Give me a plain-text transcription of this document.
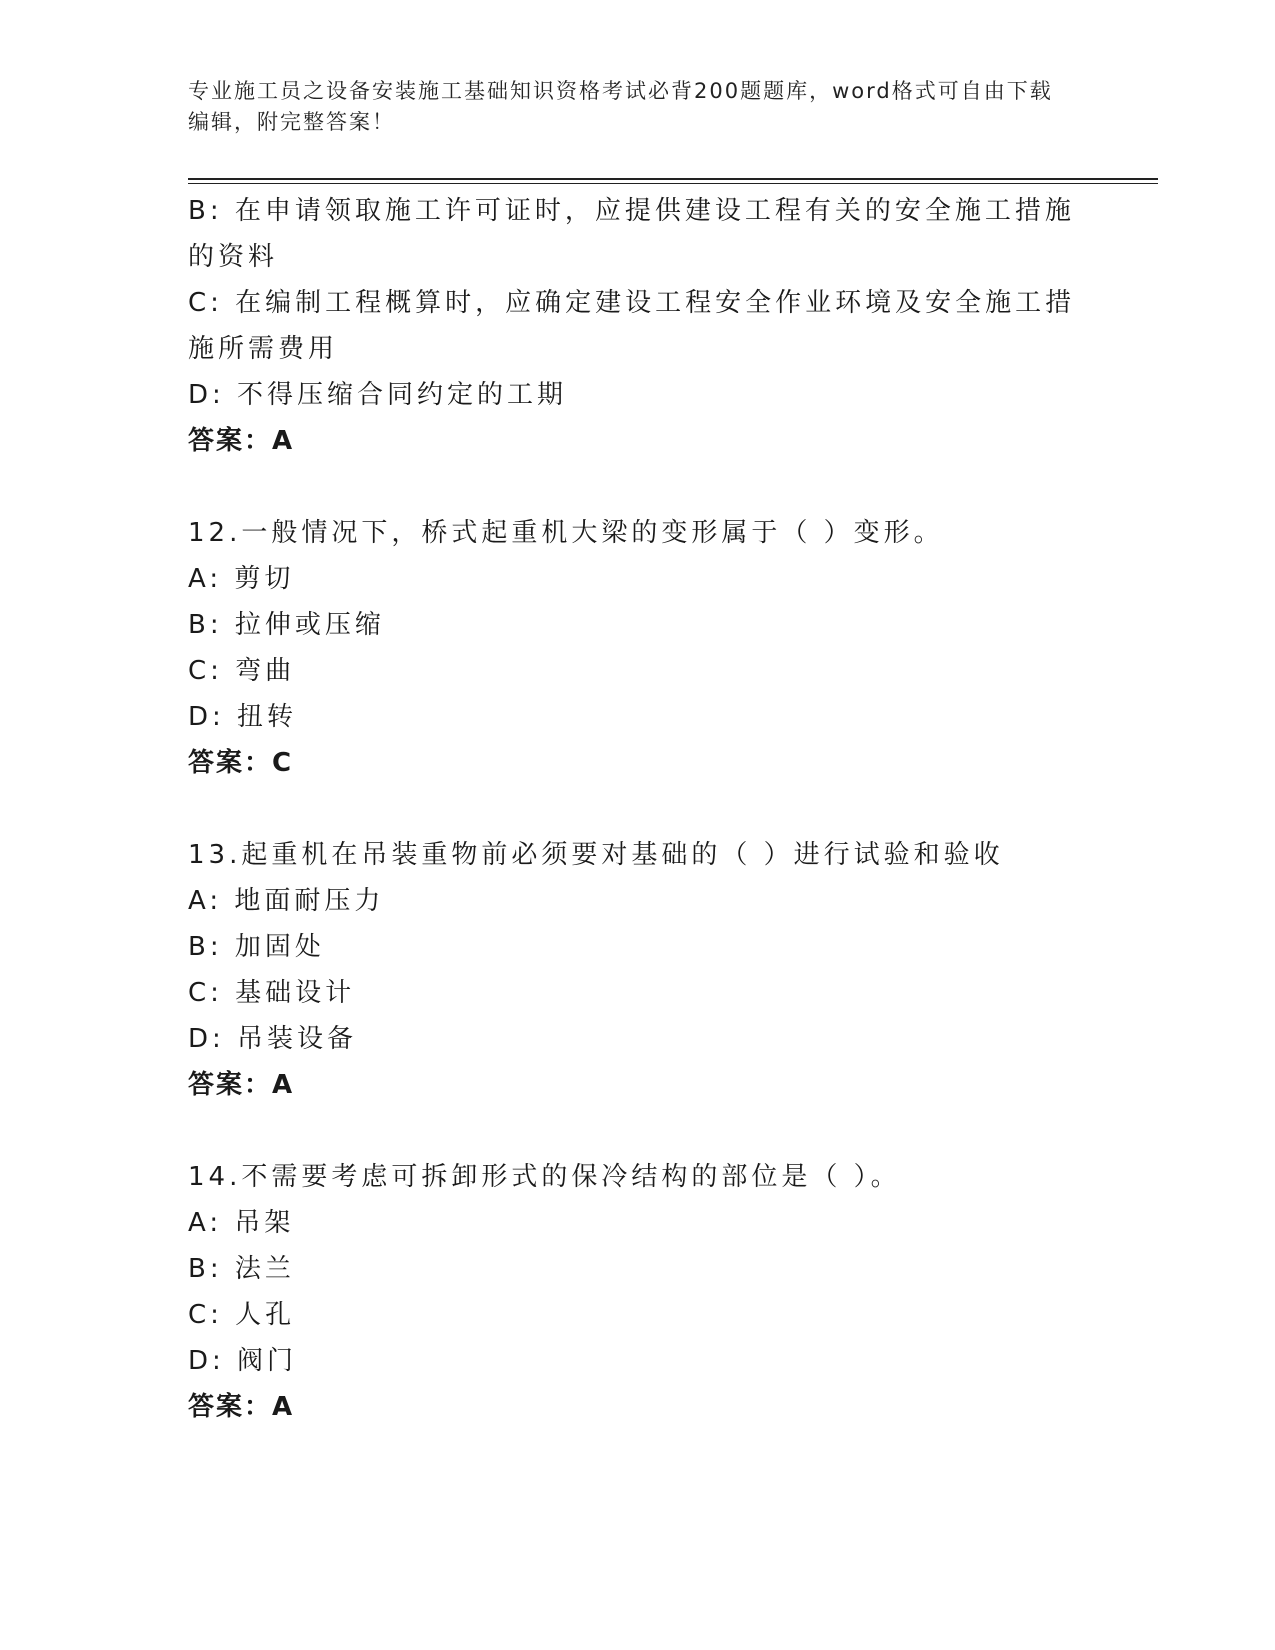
专业施工员之设备安装施工基础知识资格考试必背200题题库，word格式可自由下载编辑，附完整答案！

B: 在申请领取施工许可证时，应提供建设工程有关的安全施工措施的资料

C: 在编制工程概算时，应确定建设工程安全作业环境及安全施工措施所需费用

D: 不得压缩合同约定的工期

答案：A

12.一般情况下，桥式起重机大梁的变形属于（ ）变形。

A: 剪切

B: 拉伸或压缩

C: 弯曲

D: 扭转

答案：C

13.起重机在吊装重物前必须要对基础的（ ）进行试验和验收

A: 地面耐压力

B: 加固处

C: 基础设计

D: 吊装设备

答案：A

14.不需要考虑可拆卸形式的保冷结构的部位是（ ）。

A: 吊架

B: 法兰

C: 人孔

D: 阀门

答案：A
